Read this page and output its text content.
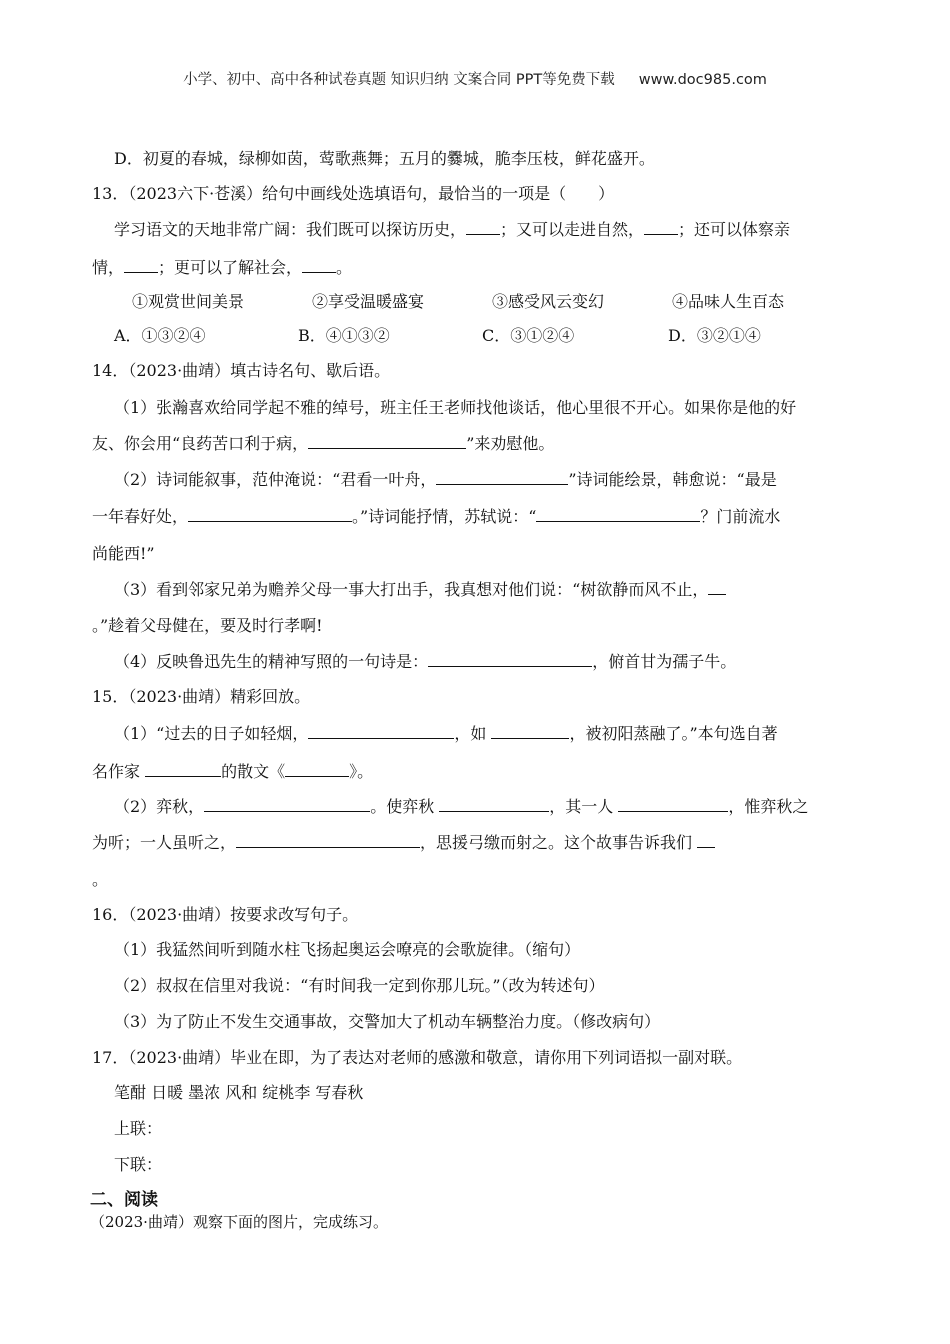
小学、初中、高中各种试卷真题 知识归纳 文案合同 PPT等免费下载 www.doc985.com
D．初夏的春城，绿柳如茵，莺歌燕舞；五月的爨城，脆李压枝，鲜花盛开。
13．（2023六下·苍溪）给句中画线处选填语句，最恰当的一项是（　　）
学习语文的天地非常广阔：我们既可以探访历史， ；又可以走进自然， ；还可以体察亲
情， ；更可以了解社会， 。
①观赏世间美景	②享受温暖盛宴	③感受风云变幻	④品味人生百态
A．①③②④	B．④①③②	C．③①②④	D．③②①④
14．（2023·曲靖）填古诗名句、歇后语。
（1）张瀚喜欢给同学起不雅的绰号，班主任王老师找他谈话，他心里很不开心。如果你是他的好
友、你会用“良药苦口利于病，	”来劝慰他。
（2）诗词能叙事，范仲淹说：“君看一叶舟，	”诗词能绘景，韩愈说：“最是
一年春好处，	。”诗词能抒情，苏轼说：“	？门前流水
尚能西!”
（3）看到邻家兄弟为赡养父母一事大打出手，我真想对他们说：“树欲静而风不止，
。”趁着父母健在，要及时行孝啊!
（4）反映鲁迅先生的精神写照的一句诗是：	，俯首甘为孺子牛。
15．（2023·曲靖）精彩回放。
（1）“过去的日子如轻烟，	，如	，被初阳蒸融了。”本句选自著
名作家	的散文《	》。
（2）弈秋，	。使弈秋	，其一人	，惟弈秋之
为听；一人虽听之，	，思援弓缴而射之。这个故事告诉我们
。
16．（2023·曲靖）按要求改写句子。
（1）我猛然间听到随水柱飞扬起奥运会嘹亮的会歌旋律。（缩句）
（2）叔叔在信里对我说：“有时间我一定到你那儿玩。”（改为转述句）
（3）为了防止不发生交通事故，交警加大了机动车辆整治力度。（修改病句）
17．（2023·曲靖）毕业在即，为了表达对老师的感激和敬意，请你用下列词语拟一副对联。
笔酣 日暖 墨浓 风和 绽桃李 写春秋
上联：
下联：
二、阅读
（2023·曲靖）观察下面的图片，完成练习。
